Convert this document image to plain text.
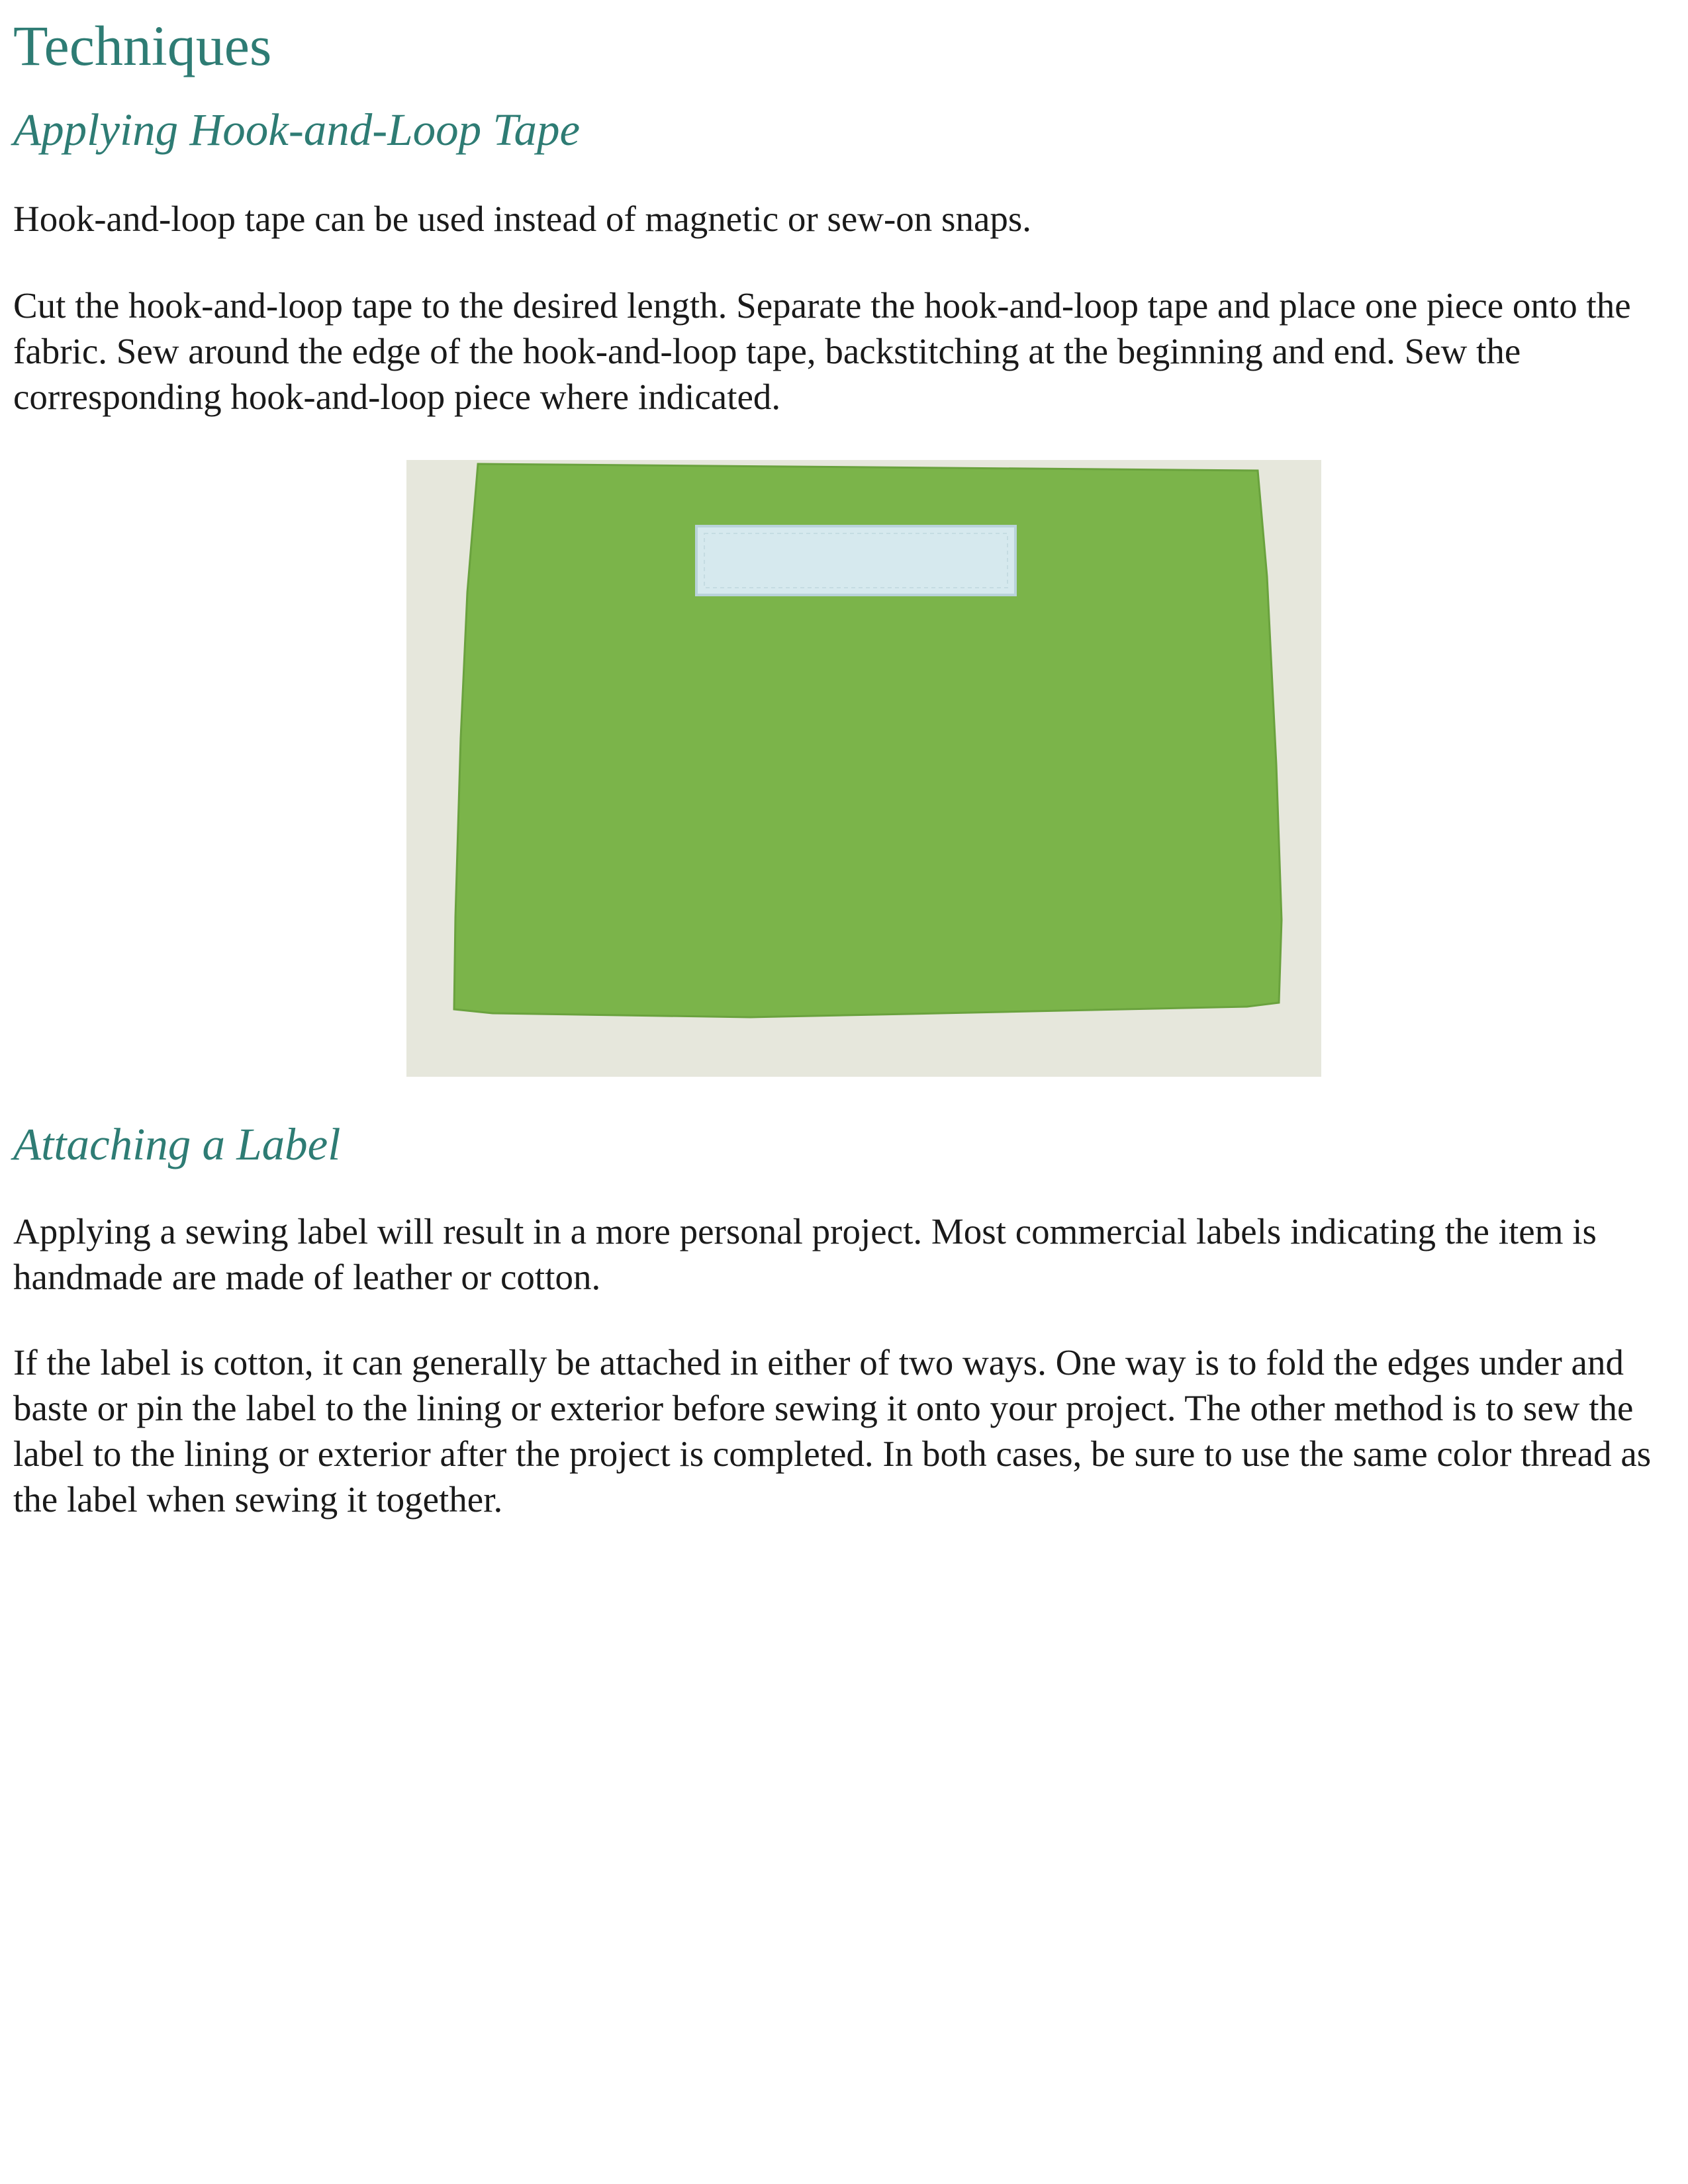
Techniques
Applying Hook-and-Loop Tape

Hook-and-loop tape can be used instead of magnetic or sew-on snaps.

Cut the hook-and-loop tape to the desired length. Separate the hook-and-loop tape and place one piece onto the fabric. Sew around the edge of the hook-and-loop tape, backstitching at the beginning and end. Sew the corresponding hook-and-loop piece where indicated.

Attaching a Label

Applying a sewing label will result in a more personal project. Most commercial labels indicating the item is handmade are made of leather or cotton.

If the label is cotton, it can generally be attached in either of two ways. One way is to fold the edges under and baste or pin the label to the lining or exterior before sewing it onto your project. The other method is to sew the label to the lining or exterior after the project is completed. In both cases, be sure to use the same color thread as the label when sewing it together.
